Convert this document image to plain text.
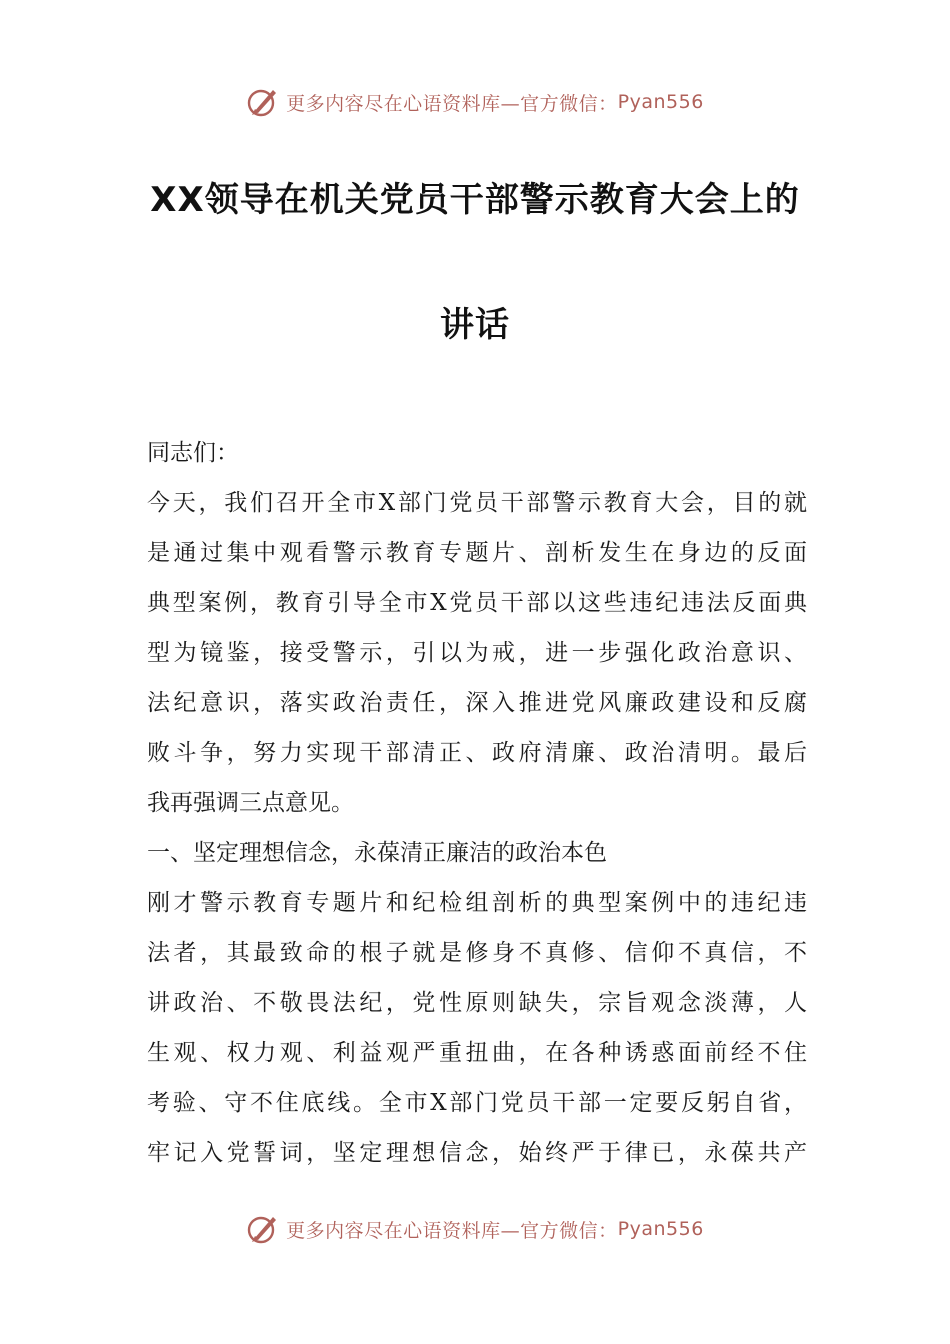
更多内容尽在心语资料库—官方微信： Pyan556
XX领导在机关党员干部警示教育大会上的
讲话
同志们：
今天，我们召开全市X部门党员干部警示教育大会，目的就
是通过集中观看警示教育专题片、剖析发生在身边的反面
典型案例，教育引导全市X党员干部以这些违纪违法反面典
型为镜鉴，接受警示，引以为戒，进一步强化政治意识、
法纪意识，落实政治责任，深入推进党风廉政建设和反腐
败斗争，努力实现干部清正、政府清廉、政治清明。最后
我再强调三点意见。
一、坚定理想信念，永葆清正廉洁的政治本色
刚才警示教育专题片和纪检组剖析的典型案例中的违纪违
法者，其最致命的根子就是修身不真修、信仰不真信，不
讲政治、不敬畏法纪，党性原则缺失，宗旨观念淡薄，人
生观、权力观、利益观严重扭曲，在各种诱惑面前经不住
考验、守不住底线。全市X部门党员干部一定要反躬自省，
牢记入党誓词，坚定理想信念，始终严于律已，永葆共产
更多内容尽在心语资料库—官方微信： Pyan556
